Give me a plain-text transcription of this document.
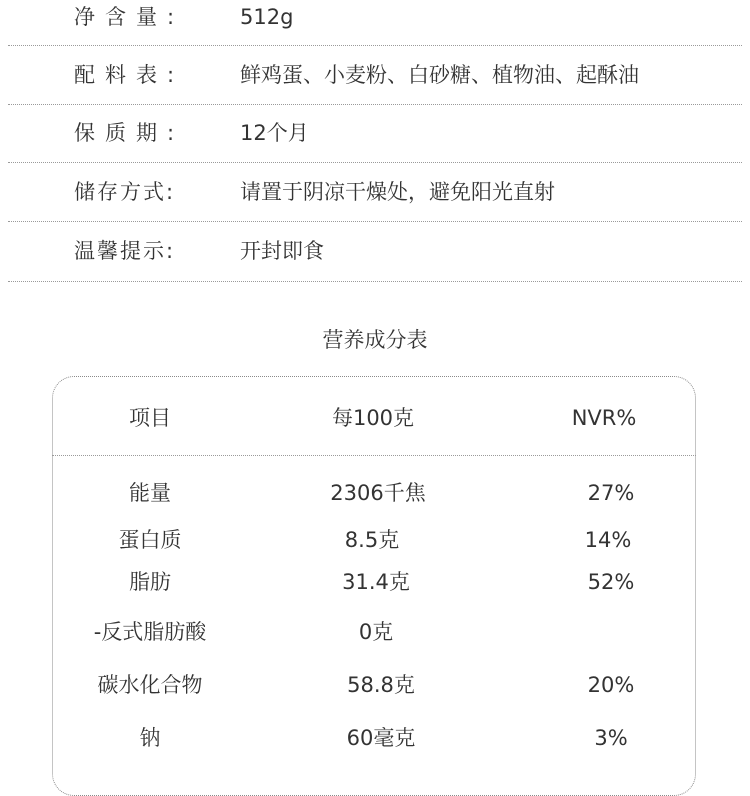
净含量:	512g
配料表:	鲜鸡蛋、小麦粉、白砂糖、植物油、起酥油
保质期:	12个月
储存方式:	请置于阴凉干燥处，避免阳光直射
温馨提示:	开封即食
营养成分表
项目	每100克	NVR%
能量	2306千焦	27%
蛋白质	8.5克	14%
脂肪	31.4克	52%
-反式脂肪酸	0克
碳水化合物	58.8克	20%
钠	60毫克	3%
